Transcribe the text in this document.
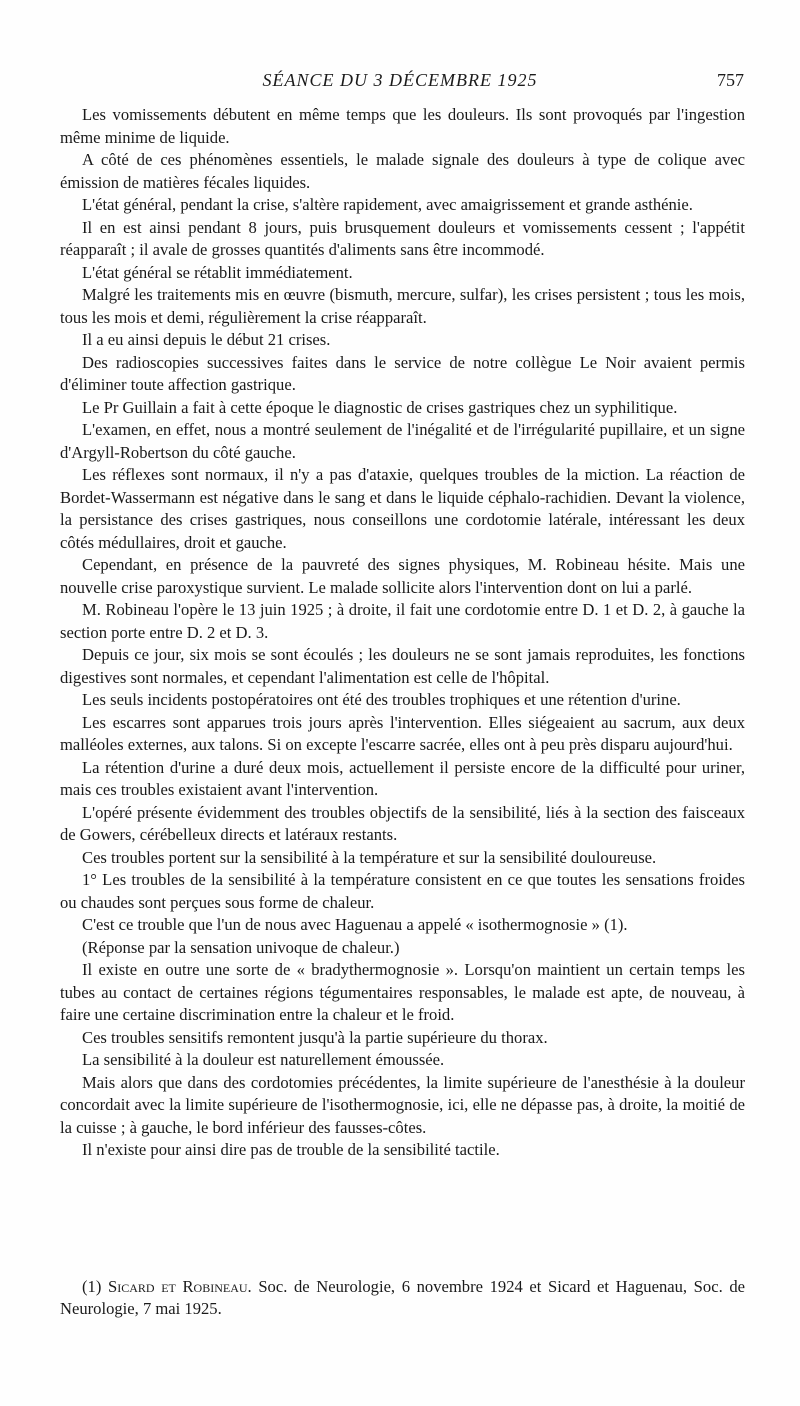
SÉANCE DU 3 DÉCEMBRE 1925	757

Les vomissements débutent en même temps que les douleurs. Ils sont provoqués par l'ingestion même minime de liquide.

A côté de ces phénomènes essentiels, le malade signale des douleurs à type de colique avec émission de matières fécales liquides.

L'état général, pendant la crise, s'altère rapidement, avec amaigrissement et grande asthénie.

Il en est ainsi pendant 8 jours, puis brusquement douleurs et vomissements cessent ; l'appétit réapparaît ; il avale de grosses quantités d'aliments sans être incommodé.

L'état général se rétablit immédiatement.

Malgré les traitements mis en œuvre (bismuth, mercure, sulfar), les crises persistent ; tous les mois, tous les mois et demi, régulièrement la crise réapparaît.

Il a eu ainsi depuis le début 21 crises.

Des radioscopies successives faites dans le service de notre collègue Le Noir avaient permis d'éliminer toute affection gastrique.

Le Pr Guillain a fait à cette époque le diagnostic de crises gastriques chez un syphilitique.

L'examen, en effet, nous a montré seulement de l'inégalité et de l'irrégularité pupillaire, et un signe d'Argyll-Robertson du côté gauche.

Les réflexes sont normaux, il n'y a pas d'ataxie, quelques troubles de la miction. La réaction de Bordet-Wassermann est négative dans le sang et dans le liquide céphalo-rachidien. Devant la violence, la persistance des crises gastriques, nous conseillons une cordotomie latérale, intéressant les deux côtés médullaires, droit et gauche.

Cependant, en présence de la pauvreté des signes physiques, M. Robineau hésite. Mais une nouvelle crise paroxystique survient. Le malade sollicite alors l'intervention dont on lui a parlé.

M. Robineau l'opère le 13 juin 1925 ; à droite, il fait une cordotomie entre D. 1 et D. 2, à gauche la section porte entre D. 2 et D. 3.

Depuis ce jour, six mois se sont écoulés ; les douleurs ne se sont jamais reproduites, les fonctions digestives sont normales, et cependant l'alimentation est celle de l'hôpital.

Les seuls incidents postopératoires ont été des troubles trophiques et une rétention d'urine.

Les escarres sont apparues trois jours après l'intervention. Elles siégeaient au sacrum, aux deux malléoles externes, aux talons. Si on excepte l'escarre sacrée, elles ont à peu près disparu aujourd'hui.

La rétention d'urine a duré deux mois, actuellement il persiste encore de la difficulté pour uriner, mais ces troubles existaient avant l'intervention.

L'opéré présente évidemment des troubles objectifs de la sensibilité, liés à la section des faisceaux de Gowers, cérébelleux directs et latéraux restants.

Ces troubles portent sur la sensibilité à la température et sur la sensibilité douloureuse.

1° Les troubles de la sensibilité à la température consistent en ce que toutes les sensations froides ou chaudes sont perçues sous forme de chaleur.

C'est ce trouble que l'un de nous avec Haguenau a appelé « isothermognosie » (1).

(Réponse par la sensation univoque de chaleur.)

Il existe en outre une sorte de « bradythermognosie ». Lorsqu'on maintient un certain temps les tubes au contact de certaines régions tégumentaires responsables, le malade est apte, de nouveau, à faire une certaine discrimination entre la chaleur et le froid.

Ces troubles sensitifs remontent jusqu'à la partie supérieure du thorax.

La sensibilité à la douleur est naturellement émoussée.

Mais alors que dans des cordotomies précédentes, la limite supérieure de l'anesthésie à la douleur concordait avec la limite supérieure de l'isothermognosie, ici, elle ne dépasse pas, à droite, la moitié de la cuisse ; à gauche, le bord inférieur des fausses-côtes.

Il n'existe pour ainsi dire pas de trouble de la sensibilité tactile.

(1) Sicard et Robineau. Soc. de Neurologie, 6 novembre 1924 et Sicard et Haguenau, Soc. de Neurologie, 7 mai 1925.
